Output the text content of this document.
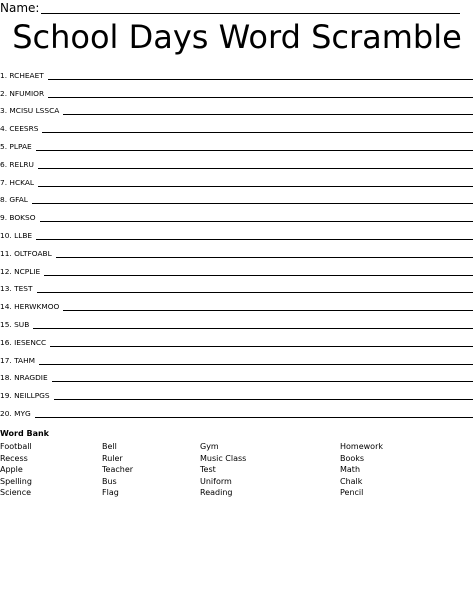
Name:
School Days Word Scramble
1. RCHEAET
2. NFUMIOR
3. MCISU LSSCA
4. CEESRS
5. PLPAE
6. RELRU
7. HCKAL
8. GFAL
9. BOKSO
10. LLBE
11. OLTFOABL
12. NCPLIE
13. TEST
14. HERWKMOO
15. SUB
16. IESENCC
17. TAHM
18. NRAGDIE
19. NEILLPGS
20. MYG
Word Bank
Football
Recess
Apple
Spelling
Science
Bell
Ruler
Teacher
Bus
Flag
Gym
Music Class
Test
Uniform
Reading
Homework
Books
Math
Chalk
Pencil
